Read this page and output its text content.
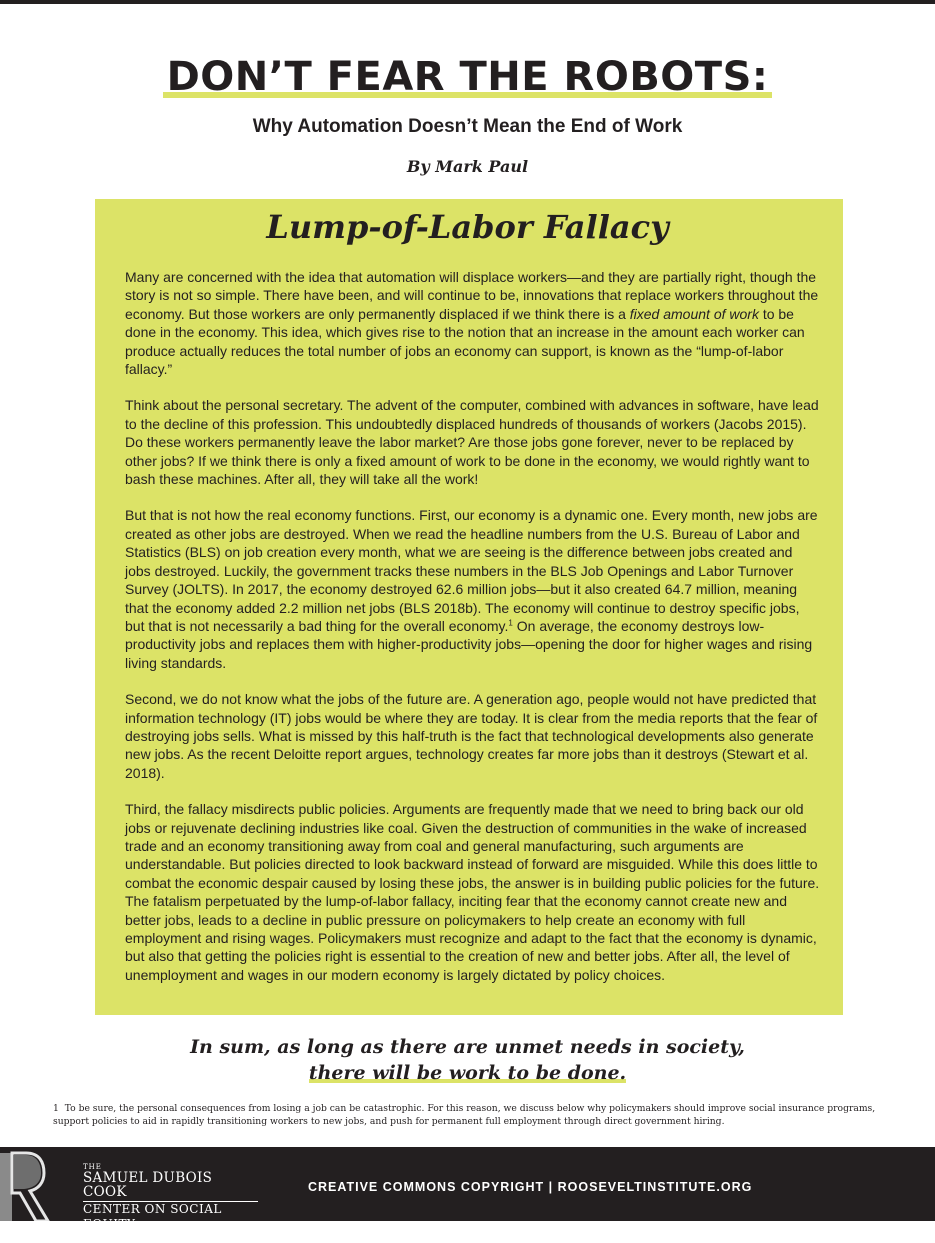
DON’T FEAR THE ROBOTS:
Why Automation Doesn’t Mean the End of Work
By Mark Paul
Lump-of-Labor Fallacy

Many are concerned with the idea that automation will displace workers—and they are partially right, though the story is not so simple. There have been, and will continue to be, innovations that replace workers throughout the economy. But those workers are only permanently displaced if we think there is a fixed amount of work to be done in the economy. This idea, which gives rise to the notion that an increase in the amount each worker can produce actually reduces the total number of jobs an economy can support, is known as the “lump-of-labor fallacy.”

Think about the personal secretary. The advent of the computer, combined with advances in software, have lead to the decline of this profession. This undoubtedly displaced hundreds of thousands of workers (Jacobs 2015). Do these workers permanently leave the labor market? Are those jobs gone forever, never to be replaced by other jobs? If we think there is only a fixed amount of work to be done in the economy, we would rightly want to bash these machines. After all, they will take all the work!

But that is not how the real economy functions. First, our economy is a dynamic one. Every month, new jobs are created as other jobs are destroyed. When we read the headline numbers from the U.S. Bureau of Labor and Statistics (BLS) on job creation every month, what we are seeing is the difference between jobs created and jobs destroyed. Luckily, the government tracks these numbers in the BLS Job Openings and Labor Turnover Survey (JOLTS). In 2017, the economy destroyed 62.6 million jobs—but it also created 64.7 million, meaning that the economy added 2.2 million net jobs (BLS 2018b). The economy will continue to destroy specific jobs, but that is not necessarily a bad thing for the overall economy.$^1$ On average, the economy destroys low-productivity jobs and replaces them with higher-productivity jobs—opening the door for higher wages and rising living standards.

Second, we do not know what the jobs of the future are. A generation ago, people would not have predicted that information technology (IT) jobs would be where they are today. It is clear from the media reports that the fear of destroying jobs sells. What is missed by this half-truth is the fact that technological developments also generate new jobs. As the recent Deloitte report argues, technology creates far more jobs than it destroys (Stewart et al. 2018).

Third, the fallacy misdirects public policies. Arguments are frequently made that we need to bring back our old jobs or rejuvenate declining industries like coal. Given the destruction of communities in the wake of increased trade and an economy transitioning away from coal and general manufacturing, such arguments are understandable. But policies directed to look backward instead of forward are misguided. While this does little to combat the economic despair caused by losing these jobs, the answer is in building public policies for the future. The fatalism perpetuated by the lump-of-labor fallacy, inciting fear that the economy cannot create new and better jobs, leads to a decline in public pressure on policymakers to help create an economy with full employment and rising wages. Policymakers must recognize and adapt to the fact that the economy is dynamic, but also that getting the policies right is essential to the creation of new and better jobs. After all, the level of unemployment and wages in our modern economy is largely dictated by policy choices.

In sum, as long as there are unmet needs in society,
there will be work to be done.
1 To be sure, the personal consequences from losing a job can be catastrophic. For this reason, we discuss below why policymakers should improve social insurance programs, support policies to aid in rapidly transitioning workers to new jobs, and push for permanent full employment through direct government hiring.
THE
SAMUEL DUBOIS COOK
CENTER ON SOCIAL EQUITY
AT DUKE UNIVERSITY
CREATIVE COMMONS COPYRIGHT | ROOSEVELTINSTITUTE.ORG
